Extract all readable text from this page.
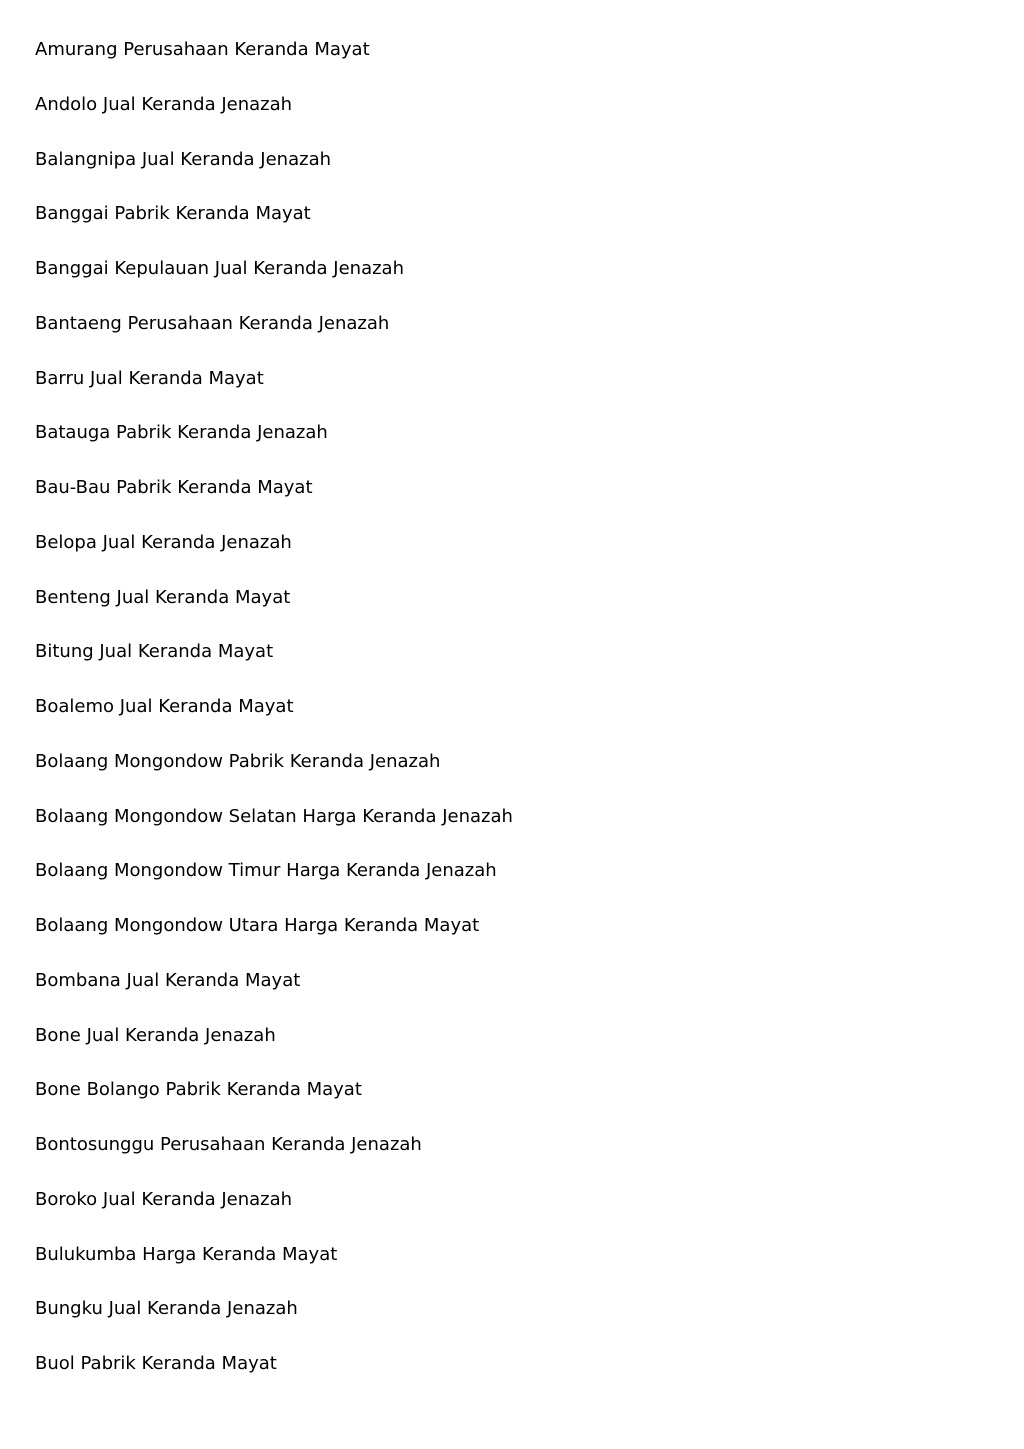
Amurang Perusahaan Keranda Mayat
Andolo Jual Keranda Jenazah
Balangnipa Jual Keranda Jenazah
Banggai Pabrik Keranda Mayat
Banggai Kepulauan Jual Keranda Jenazah
Bantaeng Perusahaan Keranda Jenazah
Barru Jual Keranda Mayat
Batauga Pabrik Keranda Jenazah
Bau-Bau Pabrik Keranda Mayat
Belopa Jual Keranda Jenazah
Benteng Jual Keranda Mayat
Bitung Jual Keranda Mayat
Boalemo Jual Keranda Mayat
Bolaang Mongondow Pabrik Keranda Jenazah
Bolaang Mongondow Selatan Harga Keranda Jenazah
Bolaang Mongondow Timur Harga Keranda Jenazah
Bolaang Mongondow Utara Harga Keranda Mayat
Bombana Jual Keranda Mayat
Bone Jual Keranda Jenazah
Bone Bolango Pabrik Keranda Mayat
Bontosunggu Perusahaan Keranda Jenazah
Boroko Jual Keranda Jenazah
Bulukumba Harga Keranda Mayat
Bungku Jual Keranda Jenazah
Buol Pabrik Keranda Mayat
